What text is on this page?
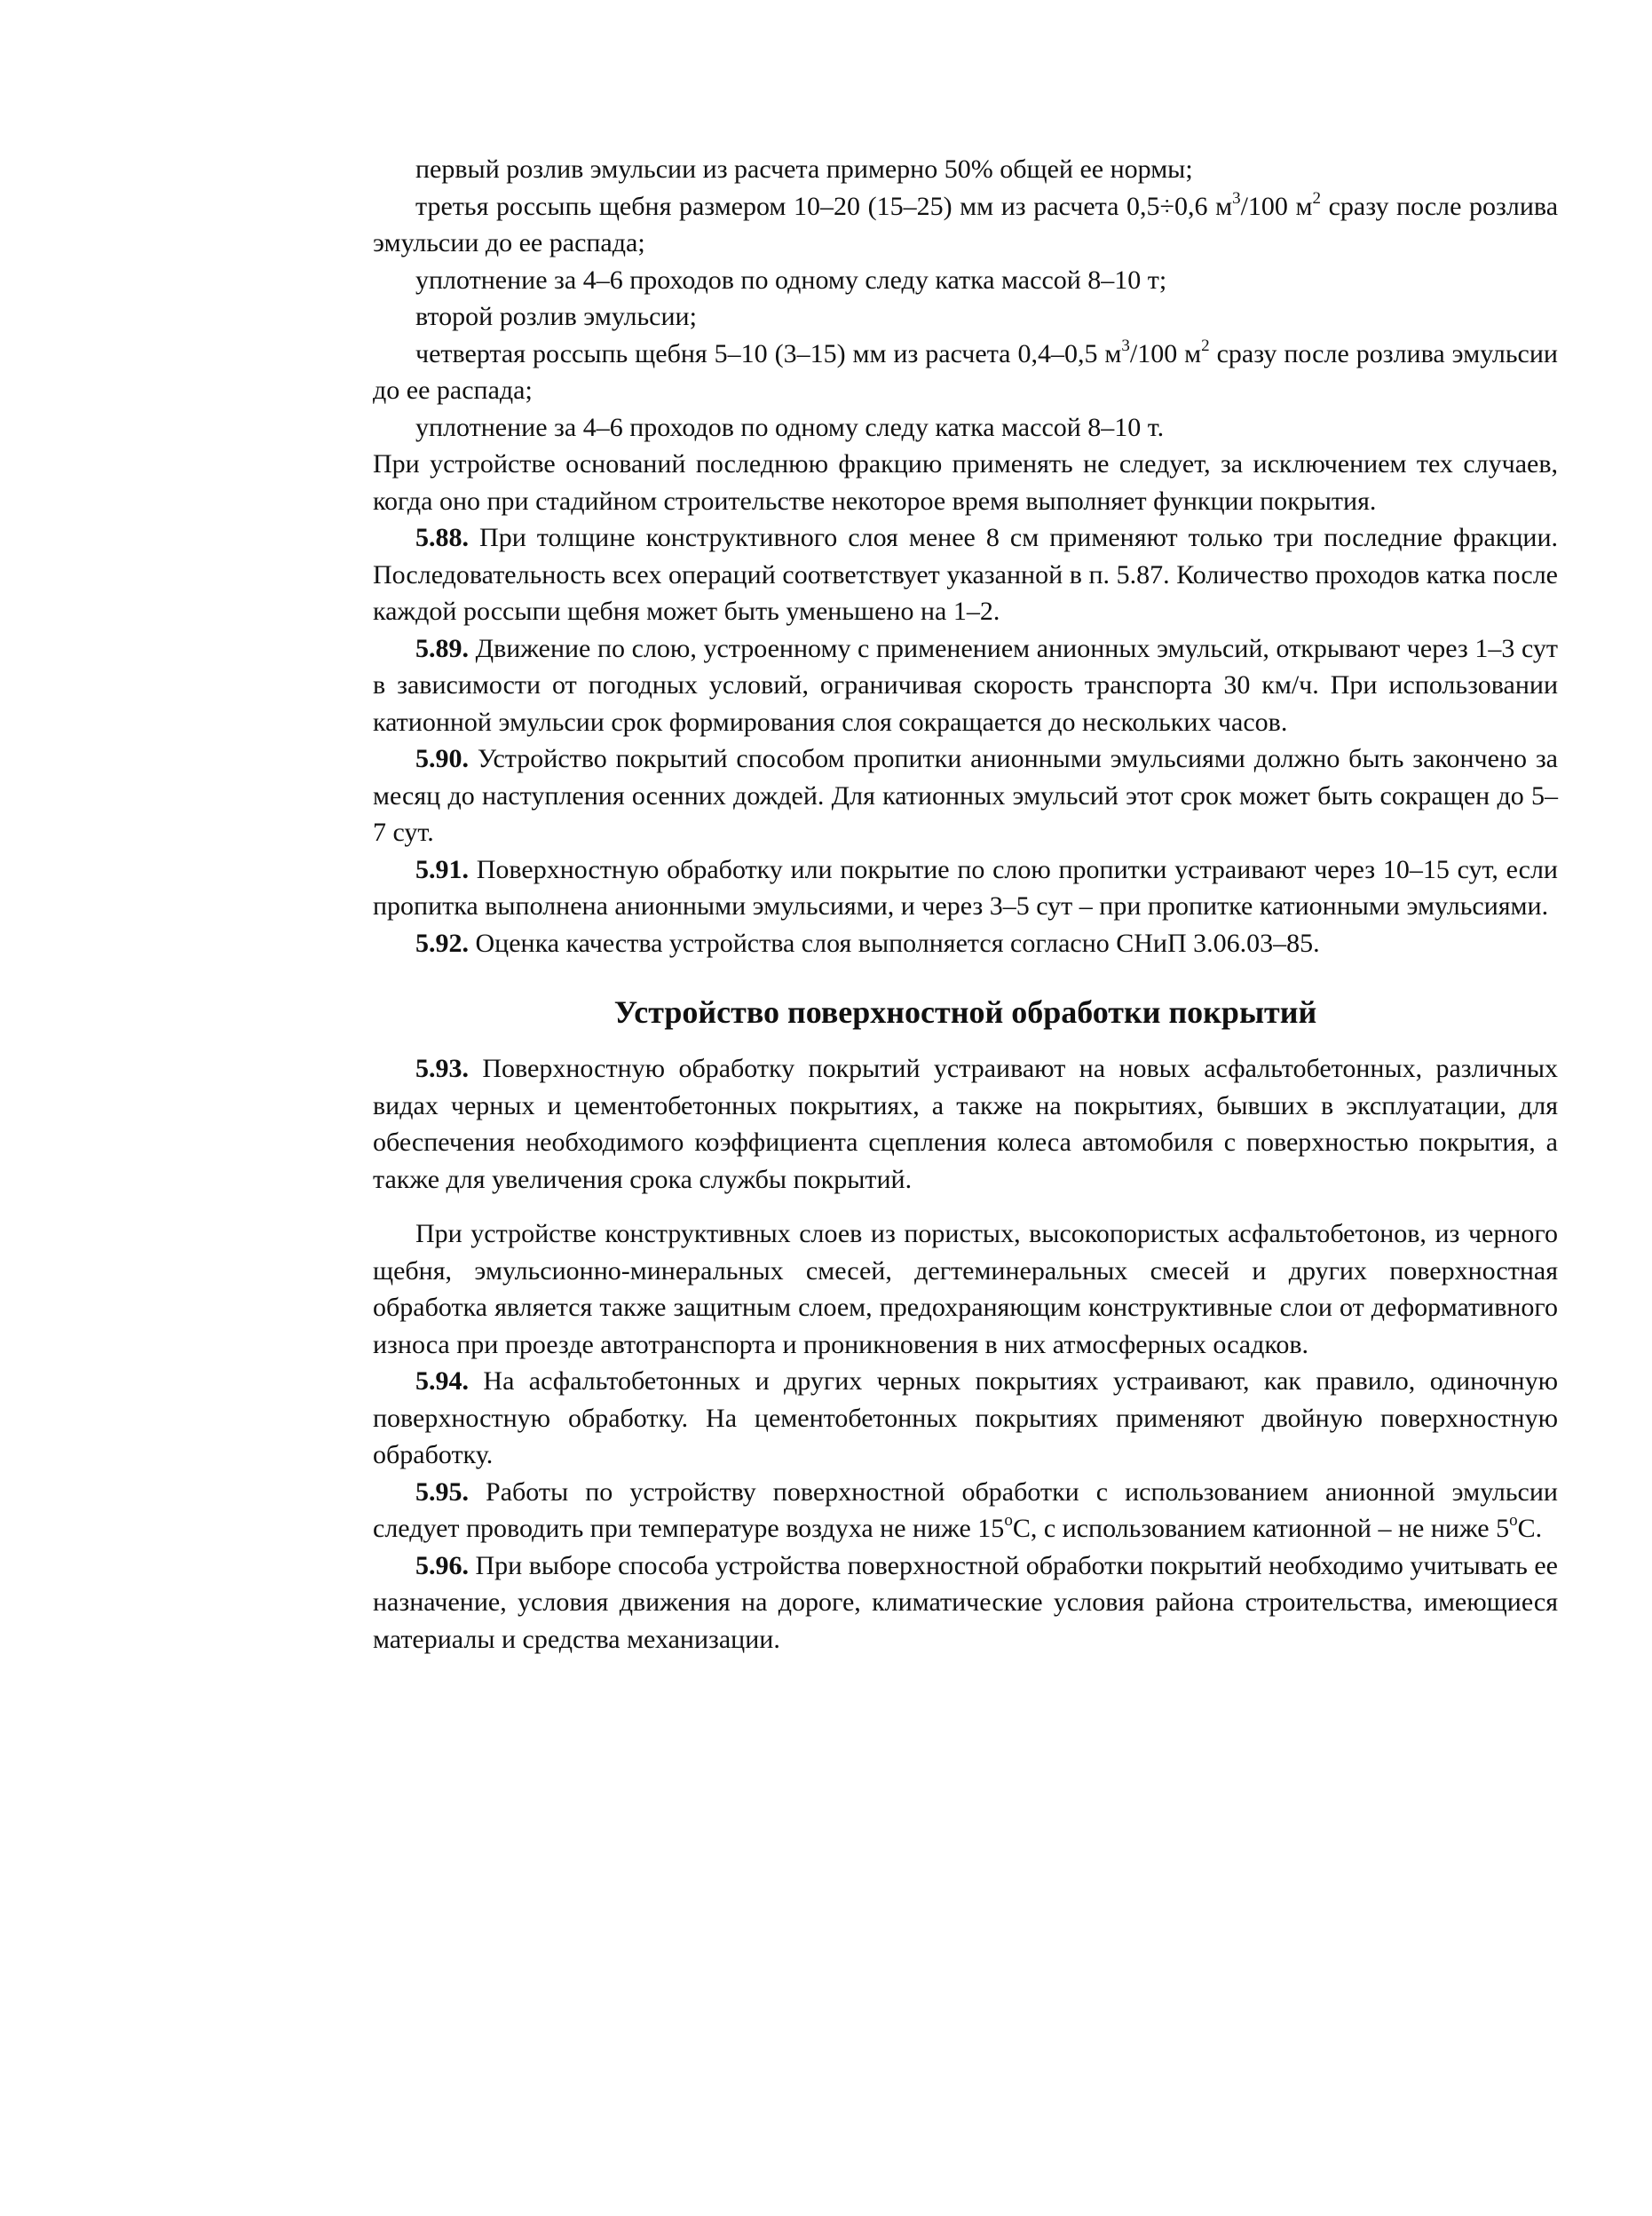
первый розлив эмульсии из расчета примерно 50% общей ее нормы;

третья россыпь щебня размером 10–20 (15–25) мм из расчета 0,5÷0,6 $м^3/100$ $м^2$ сразу после розлива эмульсии до ее распада;

уплотнение за 4–6 проходов по одному следу катка массой 8–10 т;

второй розлив эмульсии;

четвертая россыпь щебня 5–10 (3–15) мм из расчета 0,4–0,5 $м^3/100$ $м^2$ сразу после розлива эмульсии до ее распада;

уплотнение за 4–6 проходов по одному следу катка массой 8–10 т.

При устройстве оснований последнюю фракцию применять не следует, за исключением тех случаев, когда оно при стадийном строительстве некоторое время выполняет функции покрытия.

5.88. При толщине конструктивного слоя менее 8 см применяют только три последние фракции. Последовательность всех операций соответствует указанной в п. 5.87. Количество проходов катка после каждой россыпи щебня может быть уменьшено на 1–2.

5.89. Движение по слою, устроенному с применением анионных эмульсий, открывают через 1–3 сут в зависимости от погодных условий, ограничивая скорость транспорта 30 км/ч. При использовании катионной эмульсии срок формирования слоя сокращается до нескольких часов.

5.90. Устройство покрытий способом пропитки анионными эмульсиями должно быть закончено за месяц до наступления осенних дождей. Для катионных эмульсий этот срок может быть сокращен до 5–7 сут.

5.91. Поверхностную обработку или покрытие по слою пропитки устраивают через 10–15 сут, если пропитка выполнена анионными эмульсиями, и через 3–5 сут – при пропитке катионными эмульсиями.

5.92. Оценка качества устройства слоя выполняется согласно СНиП 3.06.03–85.

Устройство поверхностной обработки покрытий

5.93. Поверхностную обработку покрытий устраивают на новых асфальтобетонных, различных видах черных и цементобетонных покрытиях, а также на покрытиях, бывших в эксплуатации, для обеспечения необходимого коэффициента сцепления колеса автомобиля с поверхностью покрытия, а также для увеличения срока службы покрытий.

При устройстве конструктивных слоев из пористых, высокопористых асфальтобетонов, из черного щебня, эмульсионно-минеральных смесей, дегтеминеральных смесей и других поверхностная обработка является также защитным слоем, предохраняющим конструктивные слои от деформативного износа при проезде автотранспорта и проникновения в них атмосферных осадков.

5.94. На асфальтобетонных и других черных покрытиях устраивают, как правило, одиночную поверхностную обработку. На цементобетонных покрытиях применяют двойную поверхностную обработку.

5.95. Работы по устройству поверхностной обработки с использованием анионной эмульсии следует проводить при температуре воздуха не ниже $15^оС$, с использованием катионной – не ниже $5^оС$.

5.96. При выборе способа устройства поверхностной обработки покрытий необходимо учитывать ее назначение, условия движения на дороге, климатические условия района строительства, имеющиеся материалы и средства механизации.
